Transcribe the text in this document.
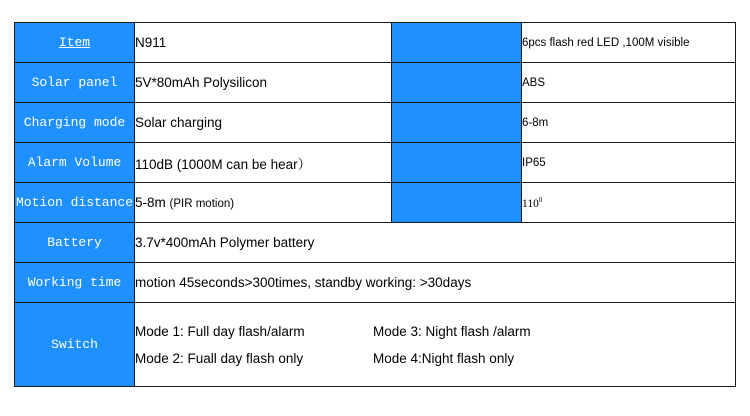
Item	N911		6pcs flash red LED ,100M visible
Solar panel	5V*80mAh Polysilicon		ABS
Charging mode	Solar charging		6-8m
Alarm Volume	110dB (1000M can be hear）		IP65
Motion distance	5-8m (PIR motion)		$110^0$
Battery	3.7v*400mAh Polymer battery		
Working time	motion 45seconds>300times, standby working: >30days		
Switch	Mode 1: Full day flash/alarm Mode 3: Night flash /alarm
Mode 2: Fuall day flash only Mode 4:Night flash only		
